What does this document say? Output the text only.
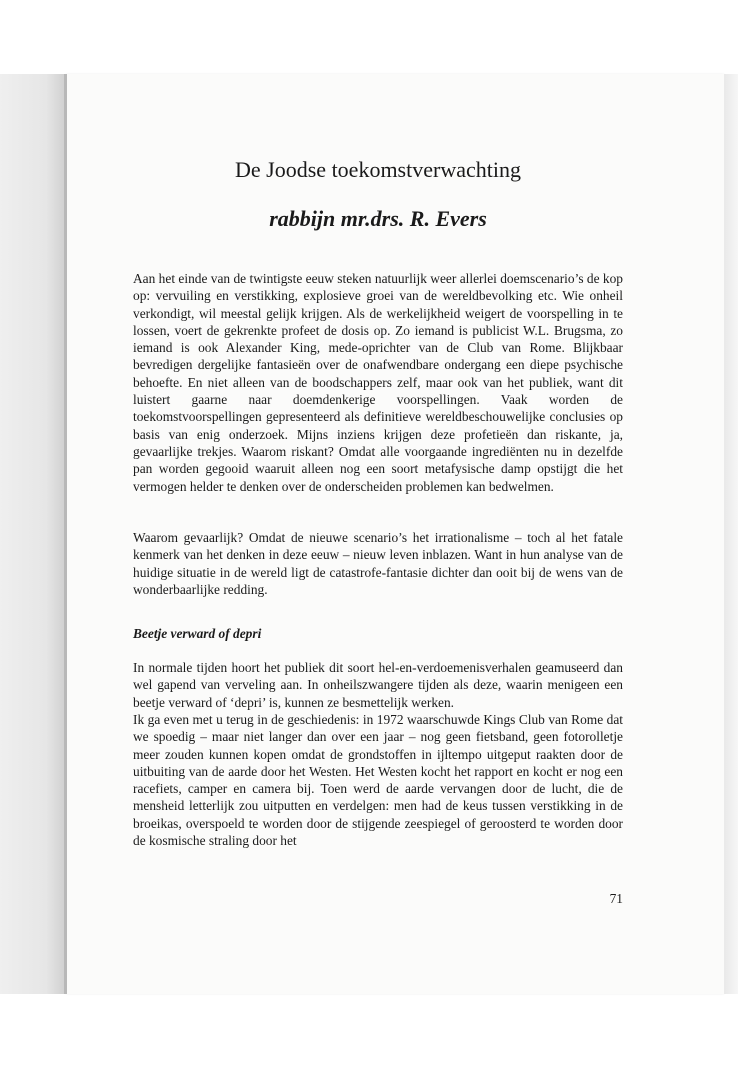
De Joodse toekomstverwachting
rabbijn mr.drs. R. Evers

Aan het einde van de twintigste eeuw steken natuurlijk weer allerlei doemscenario’s de kop op: vervuiling en verstikking, explosieve groei van de wereldbevolking etc. Wie onheil verkondigt, wil meestal gelijk krijgen. Als de werkelijkheid weigert de voorspelling in te lossen, voert de gekrenkte profeet de dosis op. Zo iemand is publicist W.L. Brugsma, zo iemand is ook Alexander King, mede-oprichter van de Club van Rome. Blijkbaar bevredigen dergelijke fantasieën over de onafwendbare ondergang een diepe psychische behoefte. En niet alleen van de boodschappers zelf, maar ook van het publiek, want dit luistert gaarne naar doemdenkerige voorspellingen. Vaak worden de toekomstvoorspellingen gepresenteerd als definitieve wereldbeschouwelijke conclusies op basis van enig onderzoek. Mijns inziens krijgen deze profetieën dan riskante, ja, gevaarlijke trekjes. Waarom riskant? Omdat alle voorgaande ingrediënten nu in dezelfde pan worden gegooid waaruit alleen nog een soort metafysische damp opstijgt die het vermogen helder te denken over de onderscheiden problemen kan bedwelmen.

Waarom gevaarlijk? Omdat de nieuwe scenario’s het irrationalisme – toch al het fatale kenmerk van het denken in deze eeuw – nieuw leven inblazen. Want in hun analyse van de huidige situatie in de wereld ligt de catastrofe-fantasie dichter dan ooit bij de wens van de wonderbaarlijke redding.

Beetje verward of depri

In normale tijden hoort het publiek dit soort hel-en-verdoemenisverhalen geamuseerd dan wel gapend van verveling aan. In onheilszwangere tijden als deze, waarin menigeen een beetje verward of ‘depri’ is, kunnen ze besmettelijk werken.

Ik ga even met u terug in de geschiedenis: in 1972 waarschuwde Kings Club van Rome dat we spoedig – maar niet langer dan over een jaar – nog geen fietsband, geen fotorolletje meer zouden kunnen kopen omdat de grondstoffen in ijltempo uitgeput raakten door de uitbuiting van de aarde door het Westen. Het Westen kocht het rapport en kocht er nog een racefiets, camper en camera bij. Toen werd de aarde vervangen door de lucht, die de mensheid letterlijk zou uitputten en verdelgen: men had de keus tussen verstikking in de broeikas, overspoeld te worden door de stijgende zeespiegel of geroosterd te worden door de kosmische straling door het

71
